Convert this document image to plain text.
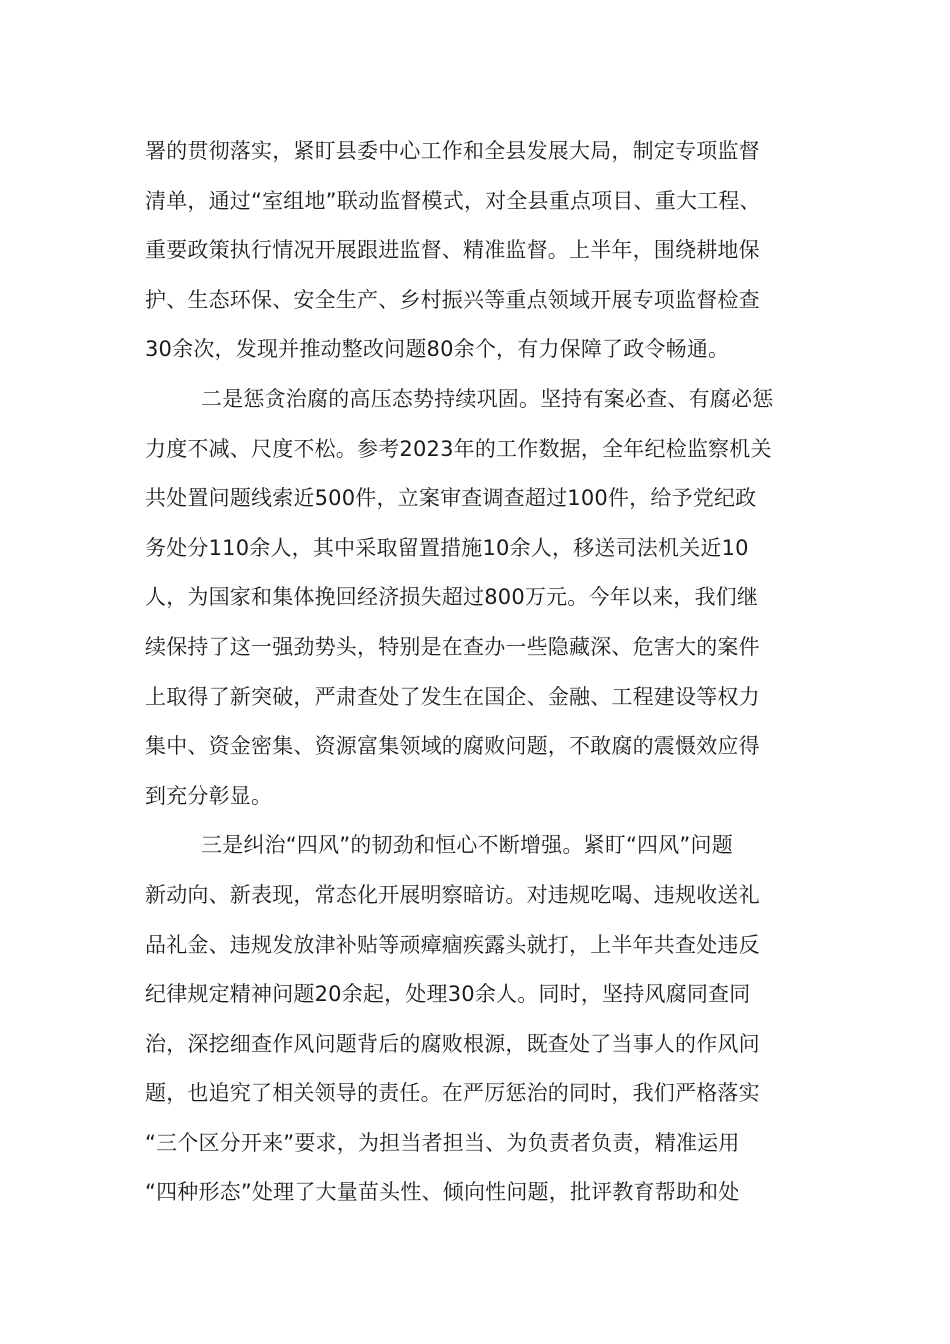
署的贯彻落实，紧盯县委中心工作和全县发展大局，制定专项监督
清单，通过“室组地”联动监督模式，对全县重点项目、重大工程、
重要政策执行情况开展跟进监督、精准监督。上半年，围绕耕地保
护、生态环保、安全生产、乡村振兴等重点领域开展专项监督检查
30余次，发现并推动整改问题80余个，有力保障了政令畅通。
二是惩贪治腐的高压态势持续巩固。坚持有案必查、有腐必惩
力度不减、尺度不松。参考2023年的工作数据，全年纪检监察机关
共处置问题线索近500件，立案审查调查超过100件，给予党纪政
务处分110余人，其中采取留置措施10余人，移送司法机关近10
人，为国家和集体挽回经济损失超过800万元。今年以来，我们继
续保持了这一强劲势头，特别是在查办一些隐藏深、危害大的案件
上取得了新突破，严肃查处了发生在国企、金融、工程建设等权力
集中、资金密集、资源富集领域的腐败问题，不敢腐的震慑效应得
到充分彰显。
三是纠治“四风”的韧劲和恒心不断增强。紧盯“四风”问题
新动向、新表现，常态化开展明察暗访。对违规吃喝、违规收送礼
品礼金、违规发放津补贴等顽瘴痼疾露头就打，上半年共查处违反
纪律规定精神问题20余起，处理30余人。同时，坚持风腐同查同
治，深挖细查作风问题背后的腐败根源，既查处了当事人的作风问
题，也追究了相关领导的责任。在严厉惩治的同时，我们严格落实
“三个区分开来”要求，为担当者担当、为负责者负责，精准运用
“四种形态”处理了大量苗头性、倾向性问题，批评教育帮助和处
